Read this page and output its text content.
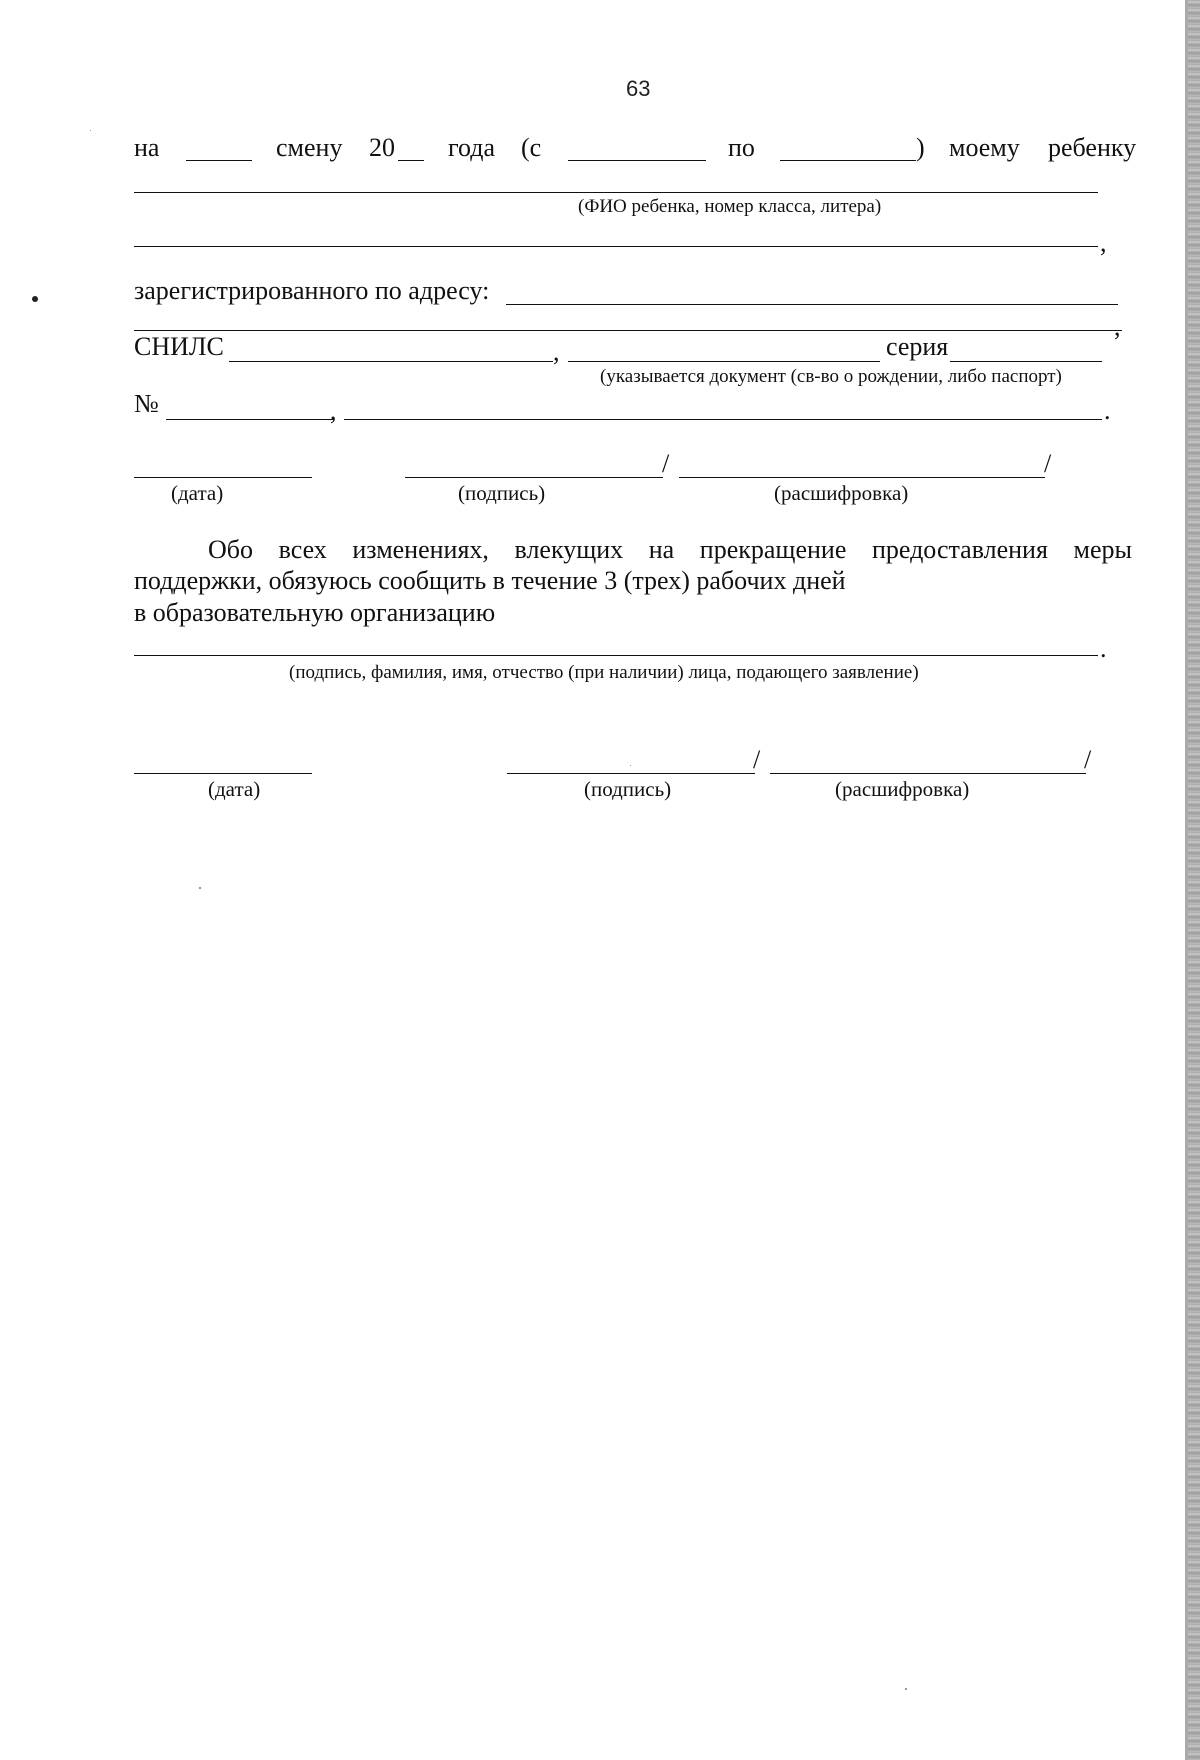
63
на	смену 20 года (с	по	) моему ребенку
(ФИО ребенка, номер класса, литера)
,
зарегистрированного по адресу:
,
СНИЛС	,	серия
(указывается документ (св-во о рождении, либо паспорт)
№	,	.
(дата)
/
(подпись)
/
(расшифровка)
Обо всех изменениях, влекущих на прекращение предоставления меры поддержки, обязуюсь сообщить в течение 3 (трех) рабочих дней
в образовательную организацию
.
(подпись, фамилия, имя, отчество (при наличии) лица, подающего заявление)
(дата)
/
(подпись)
/
(расшифровка)
